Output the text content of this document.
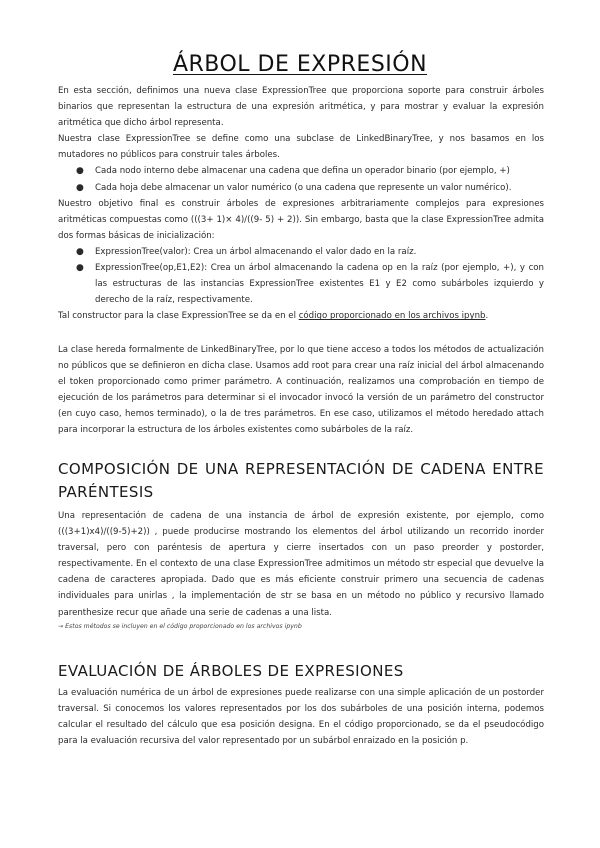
ÁRBOL DE EXPRESIÓN

En esta sección, definimos una nueva clase ExpressionTree que proporciona soporte para construir árboles binarios que representan la estructura de una expresión aritmética, y para mostrar y evaluar la expresión aritmética que dicho árbol representa.

Nuestra clase ExpressionTree se define como una subclase de LinkedBinaryTree, y nos basamos en los mutadores no públicos para construir tales árboles.

● Cada nodo interno debe almacenar una cadena que defina un operador binario (por ejemplo, +)
● Cada hoja debe almacenar un valor numérico (o una cadena que represente un valor numérico).

Nuestro objetivo final es construir árboles de expresiones arbitrariamente complejos para expresiones aritméticas compuestas como (((3+ 1)× 4)/((9- 5) + 2)). Sin embargo, basta que la clase ExpressionTree admita dos formas básicas de inicialización:

● ExpressionTree(valor): Crea un árbol almacenando el valor dado en la raíz.
● ExpressionTree(op,E1,E2): Crea un árbol almacenando la cadena op en la raíz (por ejemplo, +), y con las estructuras de las instancias ExpressionTree existentes E1 y E2 como subárboles izquierdo y derecho de la raíz, respectivamente.

Tal constructor para la clase ExpressionTree se da en el código proporcionado en los archivos ipynb.

La clase hereda formalmente de LinkedBinaryTree, por lo que tiene acceso a todos los métodos de actualización no públicos que se definieron en dicha clase. Usamos add root para crear una raíz inicial del árbol almacenando el token proporcionado como primer parámetro. A continuación, realizamos una comprobación en tiempo de ejecución de los parámetros para determinar si el invocador invocó la versión de un parámetro del constructor (en cuyo caso, hemos terminado), o la de tres parámetros. En ese caso, utilizamos el método heredado attach para incorporar la estructura de los árboles existentes como subárboles de la raíz.

COMPOSICIÓN DE UNA REPRESENTACIÓN DE CADENA ENTRE PARÉNTESIS

Una representación de cadena de una instancia de árbol de expresión existente, por ejemplo, como (((3+1)x4)/((9-5)+2)) , puede producirse mostrando los elementos del árbol utilizando un recorrido inorder traversal, pero con paréntesis de apertura y cierre insertados con un paso preorder y postorder, respectivamente. En el contexto de una clase ExpressionTree admitimos un método str especial que devuelve la cadena de caracteres apropiada. Dado que es más eficiente construir primero una secuencia de cadenas individuales para unirlas , la implementación de str se basa en un método no público y recursivo llamado parenthesize recur que añade una serie de cadenas a una lista.

→ Estos métodos se incluyen en el código proporcionado en los archivos ipynb

EVALUACIÓN DE ÁRBOLES DE EXPRESIONES

La evaluación numérica de un árbol de expresiones puede realizarse con una simple aplicación de un postorder traversal. Si conocemos los valores representados por los dos subárboles de una posición interna, podemos calcular el resultado del cálculo que esa posición designa. En el código proporcionado, se da el pseudocódigo para la evaluación recursiva del valor representado por un subárbol enraizado en la posición p.
